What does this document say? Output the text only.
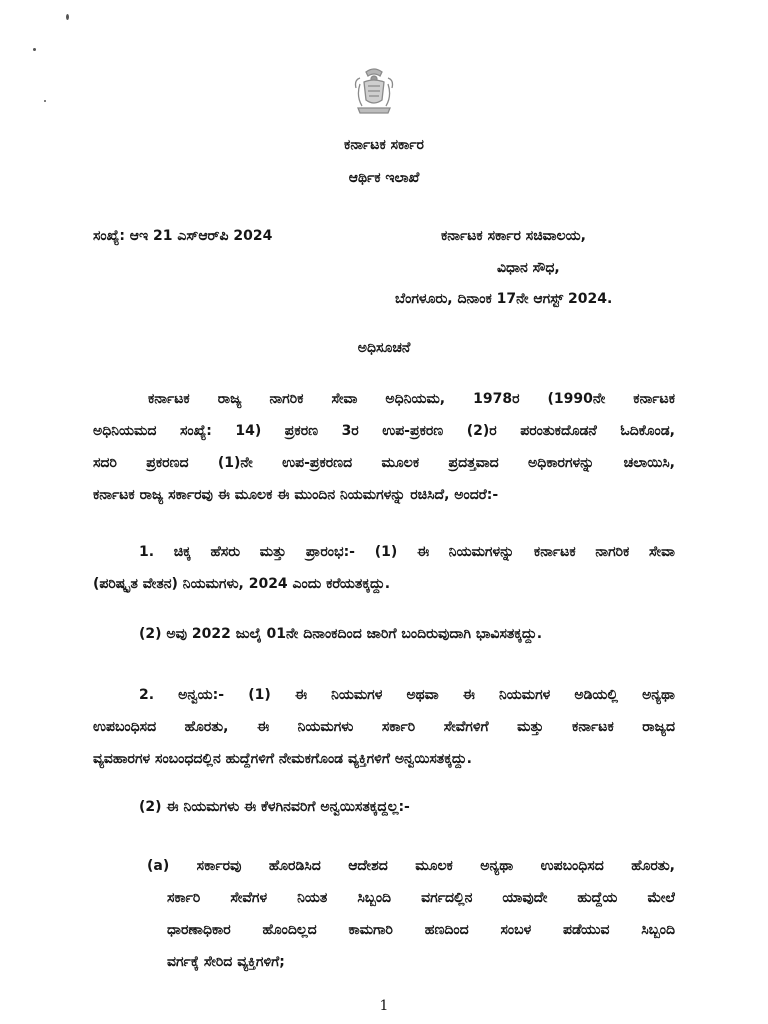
ಕರ್ನಾಟಕ ಸರ್ಕಾರ
ಆರ್ಥಿಕ ಇಲಾಖೆ
ಸಂಖ್ಯೆ: ಆಇ 21 ಎಸ್‌ಆರ್‌ಪಿ 2024	ಕರ್ನಾಟಕ ಸರ್ಕಾರ ಸಚಿವಾಲಯ,
ವಿಧಾನ ಸೌಧ,
ಬೆಂಗಳೂರು, ದಿನಾಂಕ 17ನೇ ಆಗಸ್ಟ್ 2024.
ಅಧಿಸೂಚನೆ
ಕರ್ನಾಟಕ ರಾಜ್ಯ ನಾಗರಿಕ ಸೇವಾ ಅಧಿನಿಯಮ, 1978ರ (1990ನೇ ಕರ್ನಾಟಕ
ಅಧಿನಿಯಮದ ಸಂಖ್ಯೆ: 14) ಪ್ರಕರಣ 3ರ ಉಪ-ಪ್ರಕರಣ (2)ರ ಪರಂತುಕದೊಡನೆ ಓದಿಕೊಂಡ,
ಸದರಿ ಪ್ರಕರಣದ (1)ನೇ ಉಪ-ಪ್ರಕರಣದ ಮೂಲಕ ಪ್ರದತ್ತವಾದ ಅಧಿಕಾರಗಳನ್ನು ಚಲಾಯಿಸಿ,
ಕರ್ನಾಟಕ ರಾಜ್ಯ ಸರ್ಕಾರವು ಈ ಮೂಲಕ ಈ ಮುಂದಿನ ನಿಯಮಗಳನ್ನು ರಚಿಸಿದೆ, ಅಂದರೆ:-
1. ಚಿಕ್ಕ ಹೆಸರು ಮತ್ತು ಪ್ರಾರಂಭ:- (1) ಈ ನಿಯಮಗಳನ್ನು ಕರ್ನಾಟಕ ನಾಗರಿಕ ಸೇವಾ
(ಪರಿಷ್ಕೃತ ವೇತನ) ನಿಯಮಗಳು, 2024 ಎಂದು ಕರೆಯತಕ್ಕದ್ದು.
(2) ಅವು 2022 ಜುಲೈ 01ನೇ ದಿನಾಂಕದಿಂದ ಜಾರಿಗೆ ಬಂದಿರುವುದಾಗಿ ಭಾವಿಸತಕ್ಕದ್ದು.
2. ಅನ್ವಯ:- (1) ಈ ನಿಯಮಗಳ ಅಥವಾ ಈ ನಿಯಮಗಳ ಅಡಿಯಲ್ಲಿ ಅನ್ಯಥಾ
ಉಪಬಂಧಿಸದ ಹೊರತು, ಈ ನಿಯಮಗಳು ಸರ್ಕಾರಿ ಸೇವೆಗಳಿಗೆ ಮತ್ತು ಕರ್ನಾಟಕ ರಾಜ್ಯದ
ವ್ಯವಹಾರಗಳ ಸಂಬಂಧದಲ್ಲಿನ ಹುದ್ದೆಗಳಿಗೆ ನೇಮಕಗೊಂಡ ವ್ಯಕ್ತಿಗಳಿಗೆ ಅನ್ವಯಿಸತಕ್ಕದ್ದು.
(2) ಈ ನಿಯಮಗಳು ಈ ಕೆಳಗಿನವರಿಗೆ ಅನ್ವಯಿಸತಕ್ಕದ್ದಲ್ಲ:-
(a) ಸರ್ಕಾರವು ಹೊರಡಿಸಿದ ಆದೇಶದ ಮೂಲಕ ಅನ್ಯಥಾ ಉಪಬಂಧಿಸದ ಹೊರತು,
ಸರ್ಕಾರಿ ಸೇವೆಗಳ ನಿಯತ ಸಿಬ್ಬಂದಿ ವರ್ಗದಲ್ಲಿನ ಯಾವುದೇ ಹುದ್ದೆಯ ಮೇಲೆ
ಧಾರಣಾಧಿಕಾರ ಹೊಂದಿಲ್ಲದ ಕಾಮಗಾರಿ ಹಣದಿಂದ ಸಂಬಳ ಪಡೆಯುವ ಸಿಬ್ಬಂದಿ
ವರ್ಗಕ್ಕೆ ಸೇರಿದ ವ್ಯಕ್ತಿಗಳಿಗೆ;
1
